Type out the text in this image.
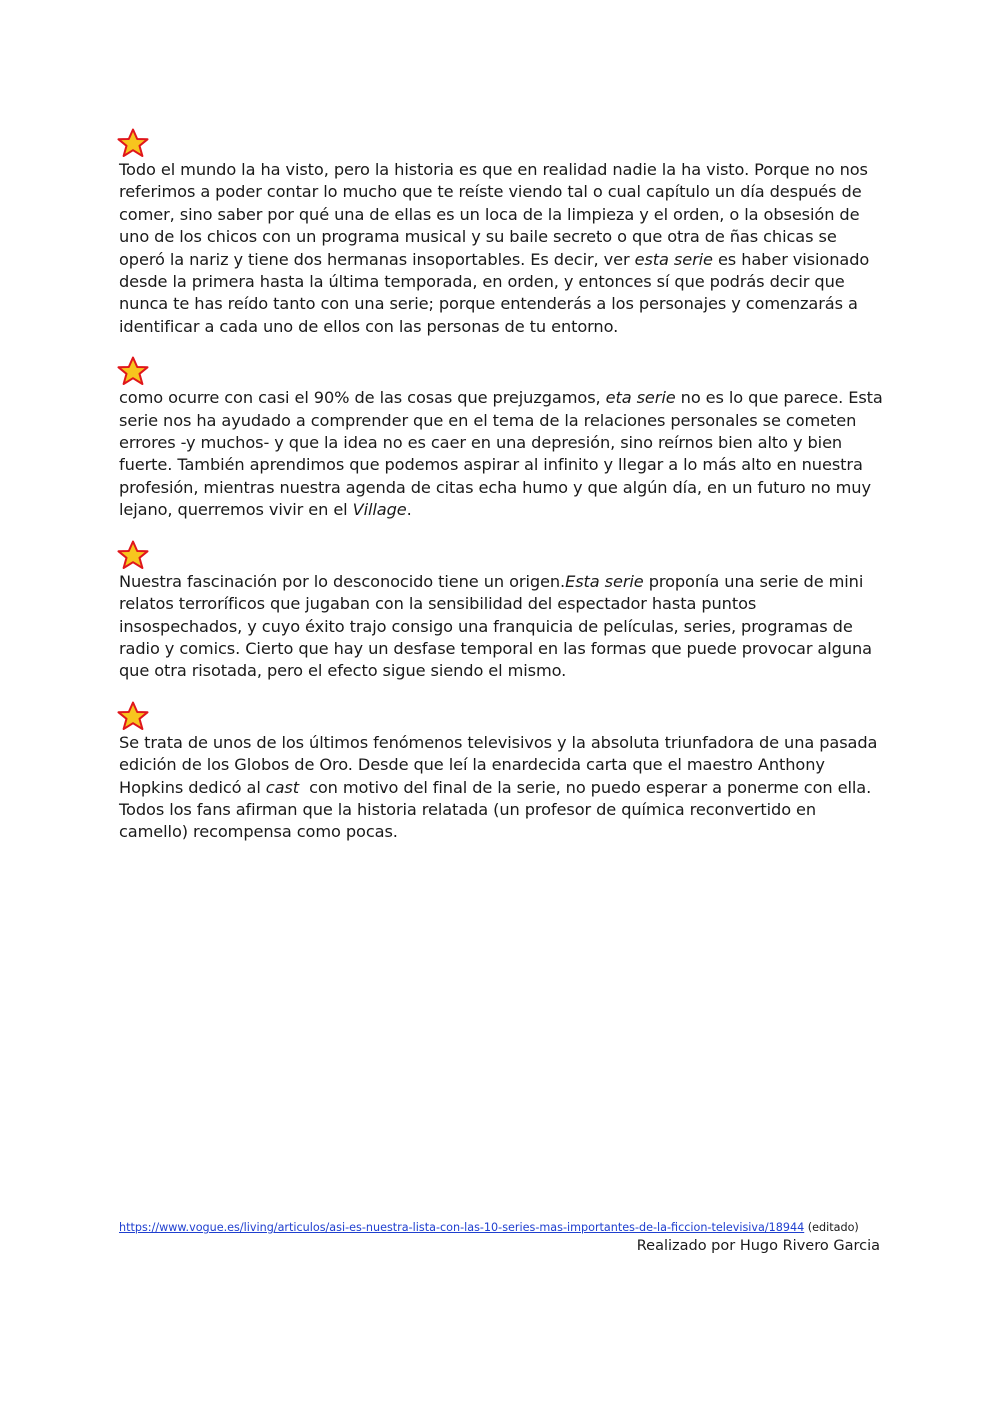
Todo el mundo la ha visto, pero la historia es que en realidad nadie la ha visto. Porque no nos referimos a poder contar lo mucho que te reíste viendo tal o cual capítulo un día después de comer, sino saber por qué una de ellas es un loca de la limpieza y el orden, o la obsesión de uno de los chicos con un programa musical y su baile secreto o que otra de ñas chicas se operó la nariz y tiene dos hermanas insoportables. Es decir, ver esta serie es haber visionado desde la primera hasta la última temporada, en orden, y entonces sí que podrás decir que nunca te has reído tanto con una serie; porque entenderás a los personajes y comenzarás a identificar a cada uno de ellos con las personas de tu entorno.

como ocurre con casi el 90% de las cosas que prejuzgamos, eta serie no es lo que parece. Esta serie nos ha ayudado a comprender que en el tema de la relaciones personales se cometen errores -y muchos- y que la idea no es caer en una depresión, sino reírnos bien alto y bien fuerte. También aprendimos que podemos aspirar al infinito y llegar a lo más alto en nuestra profesión, mientras nuestra agenda de citas echa humo y que algún día, en un futuro no muy lejano, querremos vivir en el Village.

Nuestra fascinación por lo desconocido tiene un origen.Esta serie proponía una serie de mini relatos terroríficos que jugaban con la sensibilidad del espectador hasta puntos insospechados, y cuyo éxito trajo consigo una franquicia de películas, series, programas de radio y comics. Cierto que hay un desfase temporal en las formas que puede provocar alguna que otra risotada, pero el efecto sigue siendo el mismo.

Se trata de unos de los últimos fenómenos televisivos y la absoluta triunfadora de una pasada edición de los Globos de Oro. Desde que leí la enardecida carta que el maestro Anthony Hopkins dedicó al cast  con motivo del final de la serie, no puedo esperar a ponerme con ella. Todos los fans afirman que la historia relatada (un profesor de química reconvertido en camello) recompensa como pocas.

https://www.vogue.es/living/articulos/asi-es-nuestra-lista-con-las-10-series-mas-importantes-de-la-ficcion-televisiva/18944 (editado)
Realizado por Hugo Rivero Garcia
